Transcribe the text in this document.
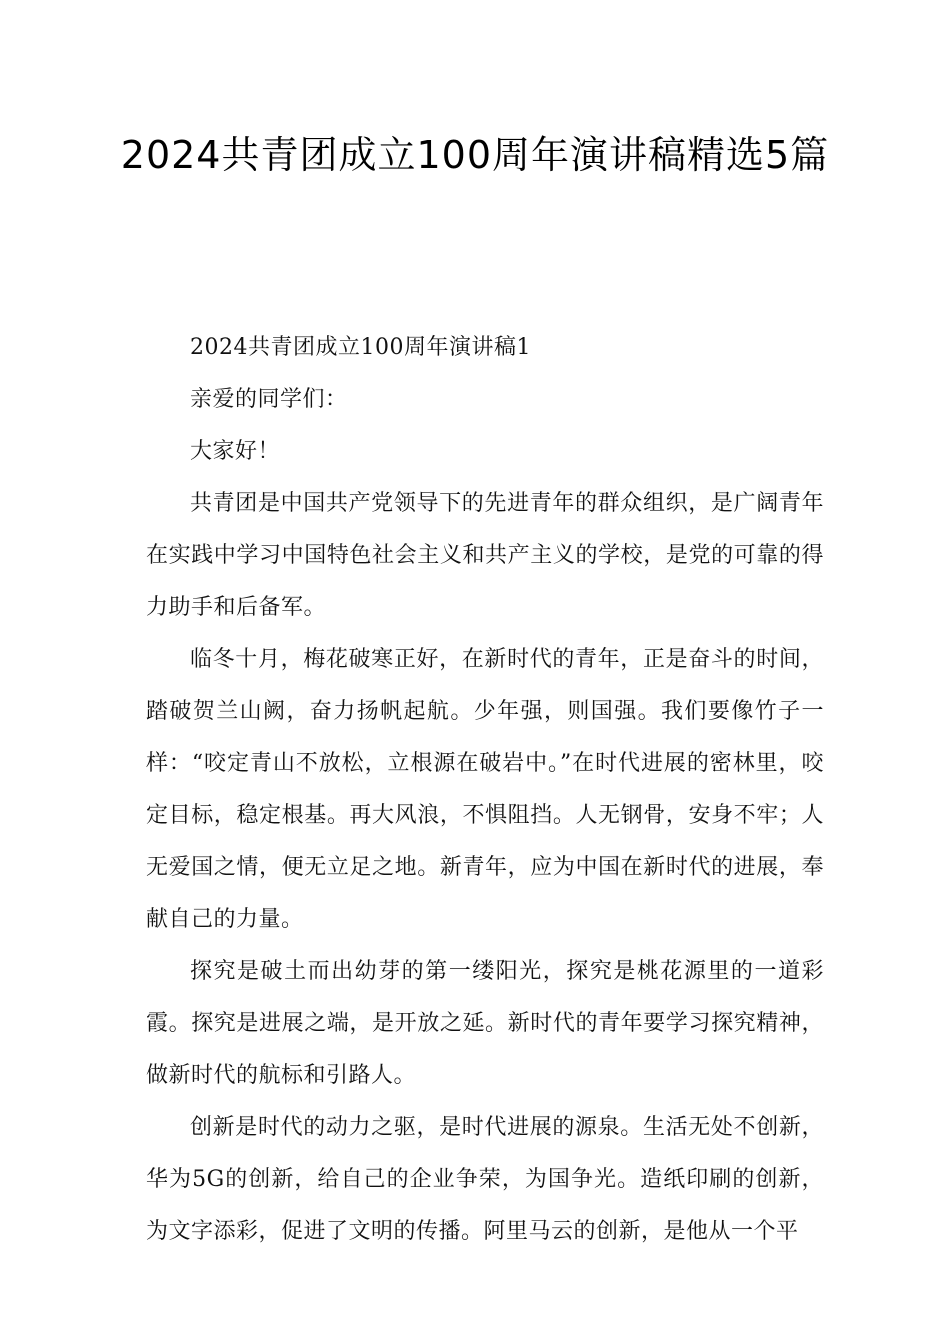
2024共青团成立100周年演讲稿精选5篇

2024共青团成立100周年演讲稿1

亲爱的同学们：

大家好！

共青团是中国共产党领导下的先进青年的群众组织，是广阔青年在实践中学习中国特色社会主义和共产主义的学校，是党的可靠的得力助手和后备军。

临冬十月，梅花破寒正好，在新时代的青年，正是奋斗的时间，踏破贺兰山阙，奋力扬帆起航。少年强，则国强。我们要像竹子一样：“咬定青山不放松，立根源在破岩中。”在时代进展的密林里，咬定目标，稳定根基。再大风浪，不惧阻挡。人无钢骨，安身不牢；人无爱国之情，便无立足之地。新青年，应为中国在新时代的进展，奉献自己的力量。

探究是破土而出幼芽的第一缕阳光，探究是桃花源里的一道彩霞。探究是进展之端，是开放之延。新时代的青年要学习探究精神，做新时代的航标和引路人。

创新是时代的动力之驱，是时代进展的源泉。生活无处不创新，华为5G的创新，给自己的企业争荣，为国争光。造纸印刷的创新，为文字添彩，促进了文明的传播。阿里马云的创新，是他从一个平
